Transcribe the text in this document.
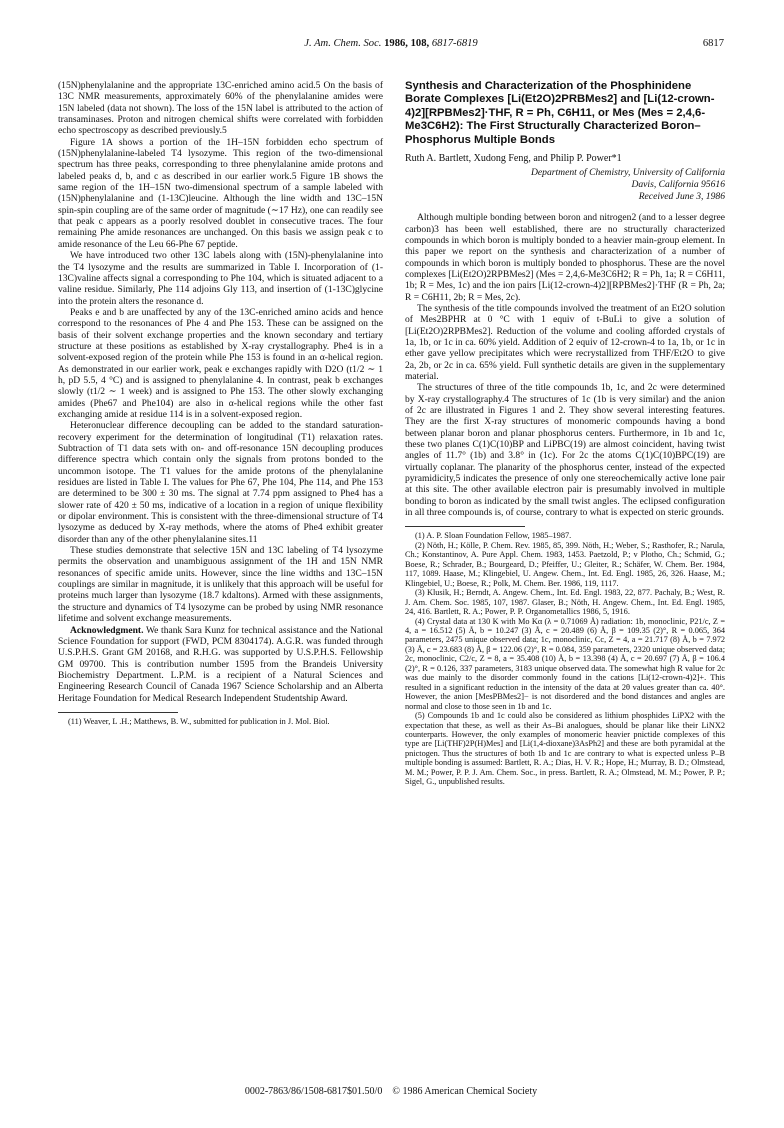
J. Am. Chem. Soc. 1986, 108, 6817-6819	6817

(15N)phenylalanine and the appropriate 13C-enriched amino acid.5 On the basis of 13C NMR measurements, approximately 60% of the phenylalanine amides were 15N labeled (data not shown). The loss of the 15N label is attributed to the action of transaminases. Proton and nitrogen chemical shifts were correlated with forbidden echo spectroscopy as described previously.5

Figure 1A shows a portion of the 1H–15N forbidden echo spectrum of (15N)phenylalanine-labeled T4 lysozyme. This region of the two-dimensional spectrum has three peaks, corresponding to three phenylalanine amide protons and labeled peaks d, b, and c as described in our earlier work.5 Figure 1B shows the same region of the 1H–15N two-dimensional spectrum of a sample labeled with (15N)phenylalanine and (1-13C)leucine. Although the line width and 13C–15N spin-spin coupling are of the same order of magnitude (∼17 Hz), one can readily see that peak c appears as a poorly resolved doublet in consecutive traces. The four remaining Phe amide resonances are unchanged. On this basis we assign peak c to amide resonance of the Leu 66-Phe 67 peptide.

We have introduced two other 13C labels along with (15N)-phenylalanine into the T4 lysozyme and the results are summarized in Table I. Incorporation of (1-13C)valine affects signal a corresponding to Phe 104, which is situated adjacent to a valine residue. Similarly, Phe 114 adjoins Gly 113, and insertion of (1-13C)glycine into the protein alters the resonance d.

Peaks e and b are unaffected by any of the 13C-enriched amino acids and hence correspond to the resonances of Phe 4 and Phe 153. These can be assigned on the basis of their solvent exchange properties and the known secondary and tertiary structure at these positions as established by X-ray crystallography. Phe4 is in a solvent-exposed region of the protein while Phe 153 is found in an α-helical region. As demonstrated in our earlier work, peak e exchanges rapidly with D2O (t1/2 ∼ 1 h, pD 5.5, 4 °C) and is assigned to phenylalanine 4. In contrast, peak b exchanges slowly (t1/2 ∼ 1 week) and is assigned to Phe 153. The other slowly exchanging amides (Phe67 and Phe104) are also in α-helical regions while the other fast exchanging amide at residue 114 is in a solvent-exposed region.

Heteronuclear difference decoupling can be added to the standard saturation-recovery experiment for the determination of longitudinal (T1) relaxation rates. Subtraction of T1 data sets with on- and off-resonance 15N decoupling produces difference spectra which contain only the signals from protons bonded to the uncommon isotope. The T1 values for the amide protons of the phenylalanine residues are listed in Table I. The values for Phe 67, Phe 104, Phe 114, and Phe 153 are determined to be 300 ± 30 ms. The signal at 7.74 ppm assigned to Phe4 has a slower rate of 420 ± 50 ms, indicative of a location in a region of unique flexibility or dipolar environment. This is consistent with the three-dimensional structure of T4 lysozyme as deduced by X-ray methods, where the atoms of Phe4 exhibit greater disorder than any of the other phenylalanine sites.11

These studies demonstrate that selective 15N and 13C labeling of T4 lysozyme permits the observation and unambiguous assignment of the 1H and 15N NMR resonances of specific amide units. However, since the line widths and 13C–15N couplings are similar in magnitude, it is unlikely that this approach will be useful for proteins much larger than lysozyme (18.7 kdaltons). Armed with these assignments, the structure and dynamics of T4 lysozyme can be probed by using NMR resonance lifetime and solvent exchange measurements.

Acknowledgment. We thank Sara Kunz for technical assistance and the National Science Foundation for support (FWD, PCM 8304174). A.G.R. was funded through U.S.P.H.S. Grant GM 20168, and R.H.G. was supported by U.S.P.H.S. Fellowship GM 09700. This is contribution number 1595 from the Brandeis University Biochemistry Department. L.P.M. is a recipient of a Natural Sciences and Engineering Research Council of Canada 1967 Science Scholarship and an Alberta Heritage Foundation for Medical Research Independent Studentship Award.

(11) Weaver, L .H.; Matthews, B. W., submitted for publication in J. Mol. Biol.
Synthesis and Characterization of the Phosphinidene Borate Complexes [Li(Et2O)2PRBMes2] and [Li(12-crown-4)2][RPBMes2]·THF, R = Ph, C6H11, or Mes (Mes = 2,4,6-Me3C6H2): The First Structurally Characterized Boron–Phosphorus Multiple Bonds
Ruth A. Bartlett, Xudong Feng, and Philip P. Power*1
Department of Chemistry, University of California
Davis, California 95616
Received June 3, 1986

Although multiple bonding between boron and nitrogen2 (and to a lesser degree carbon)3 has been well established, there are no structurally characterized compounds in which boron is multiply bonded to a heavier main-group element. In this paper we report on the synthesis and characterization of a number of compounds in which boron is multiply bonded to phosphorus. These are the novel complexes [Li(Et2O)2RPBMes2] (Mes = 2,4,6-Me3C6H2; R = Ph, 1a; R = C6H11, 1b; R = Mes, 1c) and the ion pairs [Li(12-crown-4)2][RPBMes2]·THF (R = Ph, 2a; R = C6H11, 2b; R = Mes, 2c).

The synthesis of the title compounds involved the treatment of an Et2O solution of Mes2BPHR at 0 °C with 1 equiv of t-BuLi to give a solution of [Li(Et2O)2RPBMes2]. Reduction of the volume and cooling afforded crystals of 1a, 1b, or 1c in ca. 60% yield. Addition of 2 equiv of 12-crown-4 to 1a, 1b, or 1c in ether gave yellow precipitates which were recrystallized from THF/Et2O to give 2a, 2b, or 2c in ca. 65% yield. Full synthetic details are given in the supplementary material.

The structures of three of the title compounds 1b, 1c, and 2c were determined by X-ray crystallography.4 The structures of 1c (1b is very similar) and the anion of 2c are illustrated in Figures 1 and 2. They show several interesting features. They are the first X-ray structures of monomeric compounds having a bond between planar boron and planar phosphorus centers. Furthermore, in 1b and 1c, these two planes C(1)C(10)BP and LiPBC(19) are almost coincident, having twist angles of 11.7° (1b) and 3.8° in (1c). For 2c the atoms C(1)C(10)BPC(19) are virtually coplanar. The planarity of the phosphorus center, instead of the expected pyramidicity,5 indicates the presence of only one stereochemically active lone pair at this site. The other available electron pair is presumably involved in multiple bonding to boron as indicated by the small twist angles. The eclipsed configuration in all three compounds is, of course, contrary to what is expected on steric grounds.

(1) A. P. Sloan Foundation Fellow, 1985–1987.
(2) Nöth, H.; Kölle, P. Chem. Rev. 1985, 85, 399. Nöth, H.; Weber, S.; Rasthofer, R.; Narula, Ch.; Konstantinov, A. Pure Appl. Chem. 1983, 1453. Paetzold, P.; v Plotho, Ch.; Schmid, G.; Boese, R.; Schrader, B.; Bourgeard, D.; Pfeiffer, U.; Gleiter, R.; Schäfer, W. Chem. Ber. 1984, 117, 1089. Haase, M.; Klingebiel, U. Angew. Chem., Int. Ed. Engl. 1985, 26, 326. Haase, M.; Klingebiel, U.; Boese, R.; Polk, M. Chem. Ber. 1986, 119, 1117.
(3) Klusik, H.; Berndt, A. Angew. Chem., Int. Ed. Engl. 1983, 22, 877. Pachaly, B.; West, R. J. Am. Chem. Soc. 1985, 107, 1987. Glaser, B.; Nöth, H. Angew. Chem., Int. Ed. Engl. 1985, 24, 416. Bartlett, R. A.; Power, P. P. Organometallics 1986, 5, 1916.
(4) Crystal data at 130 K with Mo Kα (λ = 0.71069 Å) radiation: 1b, monoclinic, P21/c, Z = 4, a = 16.512 (5) Å, b = 10.247 (3) Å, c = 20.489 (6) Å, β = 109.35 (2)°, R = 0.065, 364 parameters, 2475 unique observed data; 1c, monoclinic, Cc, Z = 4, a = 21.717 (8) Å, b = 7.972 (3) Å, c = 23.683 (8) Å, β = 122.06 (2)°, R = 0.084, 359 parameters, 2320 unique observed data; 2c, monoclinic, C2/c, Z = 8, a = 35.408 (10) Å, b = 13.398 (4) Å, c = 20.697 (7) Å, β = 106.4 (2)°, R = 0.126, 337 parameters, 3183 unique observed data. The somewhat high R value for 2c was due mainly to the disorder commonly found in the cations [Li(12-crown-4)2]+. This resulted in a significant reduction in the intensity of the data at 2θ values greater than ca. 40°. However, the anion [MesPBMes2]− is not disordered and the bond distances and angles are normal and close to those seen in 1b and 1c.
(5) Compounds 1b and 1c could also be considered as lithium phosphides LiPX2 with the expectation that these, as well as their As–Bi analogues, should be planar like their LiNX2 counterparts. However, the only examples of monomeric heavier pnictide complexes of this type are [Li(THF)2P(H)Mes] and [Li(1,4-dioxane)3AsPh2] and these are both pyramidal at the pnictogen. Thus the structures of both 1b and 1c are contrary to what is expected unless P–B multiple bonding is assumed: Bartlett, R. A.; Dias, H. V. R.; Hope, H.; Murray, B. D.; Olmstead, M. M.; Power, P. P. J. Am. Chem. Soc., in press. Bartlett, R. A.; Olmstead, M. M.; Power, P. P.; Sigel, G., unpublished results.
0002-7863/86/1508-6817$01.50/0 © 1986 American Chemical Society
